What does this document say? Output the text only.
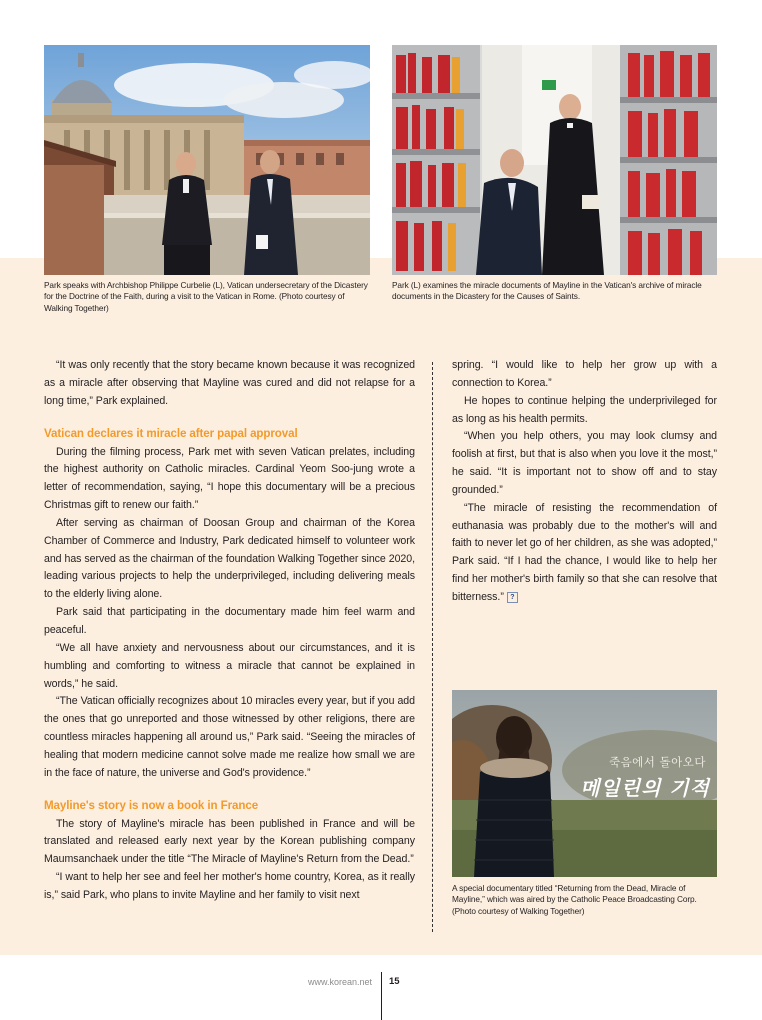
Park speaks with Archbishop Philippe Curbelie (L), Vatican undersecretary of the Dicastery for the Doctrine of the Faith, during a visit to the Vatican in Rome. (Photo courtesy of Walking Together)
Park (L) examines the miracle documents of Mayline in the Vatican's archive of miracle documents in the Dicastery for the Causes of Saints.

“It was only recently that the story became known because it was recognized as a miracle after observing that Mayline was cured and did not relapse for a long time,” Park explained.

Vatican declares it miracle after papal approval

During the filming process, Park met with seven Vatican prelates, including the highest authority on Catholic miracles. Cardinal Yeom Soo-jung wrote a letter of recommendation, saying, “I hope this documentary will be a precious Christmas gift to renew our faith.”

After serving as chairman of Doosan Group and chairman of the Korea Chamber of Commerce and Industry, Park dedicated himself to volunteer work and has served as the chairman of the foundation Walking Together since 2020, leading various projects to help the underprivileged, including delivering meals to the elderly living alone.

Park said that participating in the documentary made him feel warm and peaceful.

“We all have anxiety and nervousness about our circumstances, and it is humbling and comforting to witness a miracle that cannot be explained in words,” he said.

“The Vatican officially recognizes about 10 miracles every year, but if you add the ones that go unreported and those witnessed by other religions, there are countless miracles happening all around us,” Park said. “Seeing the miracles of healing that modern medicine cannot solve made me realize how small we are in the face of nature, the universe and God's providence.”

Mayline's story is now a book in France

The story of Mayline's miracle has been published in France and will be translated and released early next year by the Korean publishing company Maumsanchaek under the title “The Miracle of Mayline's Return from the Dead.”

“I want to help her see and feel her mother's home country, Korea, as it really is,” said Park, who plans to invite Mayline and her family to visit next

spring. “I would like to help her grow up with a connection to Korea.”

He hopes to continue helping the underprivileged for as long as his health permits.

“When you help others, you may look clumsy and foolish at first, but that is also when you love it the most,” he said. “It is important not to show off and to stay grounded.”

“The miracle of resisting the recommendation of euthanasia was probably due to the mother's will and faith to never let go of her children, as she was adopted,” Park said. “If I had the chance, I would like to help her find her mother's birth family so that she can resolve that bitterness.” ?

죽음에서 돌아오다
메일린의 기적
A special documentary titled “Returning from the Dead, Miracle of Mayline,” which was aired by the Catholic Peace Broadcasting Corp. (Photo courtesy of Walking Together)
www.korean.net 15
